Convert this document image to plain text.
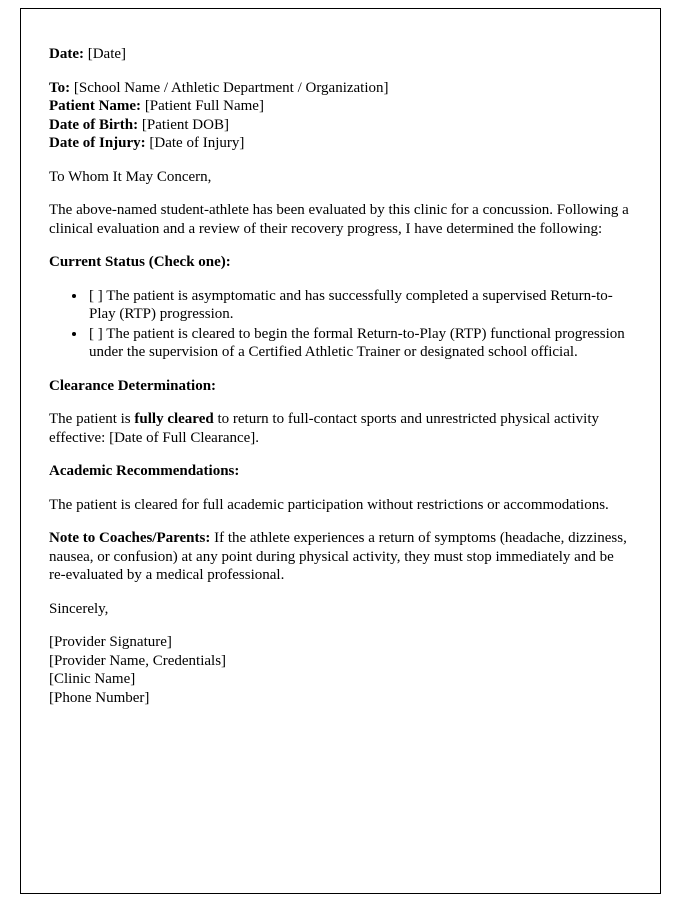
Date: [Date]

To: [School Name / Athletic Department / Organization]

Patient Name: [Patient Full Name]

Date of Birth: [Patient DOB]

Date of Injury: [Date of Injury]

To Whom It May Concern,

The above-named student-athlete has been evaluated by this clinic for a concussion. Following a clinical evaluation and a review of their recovery progress, I have determined the following:

Current Status (Check one):

• [ ] The patient is asymptomatic and has successfully completed a supervised Return-to-Play (RTP) progression.
• [ ] The patient is cleared to begin the formal Return-to-Play (RTP) functional progression under the supervision of a Certified Athletic Trainer or designated school official.

Clearance Determination:

The patient is fully cleared to return to full-contact sports and unrestricted physical activity effective: [Date of Full Clearance].

Academic Recommendations:

The patient is cleared for full academic participation without restrictions or accommodations.

Note to Coaches/Parents: If the athlete experiences a return of symptoms (headache, dizziness, nausea, or confusion) at any point during physical activity, they must stop immediately and be re-evaluated by a medical professional.

Sincerely,

[Provider Signature]

[Provider Name, Credentials]

[Clinic Name]

[Phone Number]
